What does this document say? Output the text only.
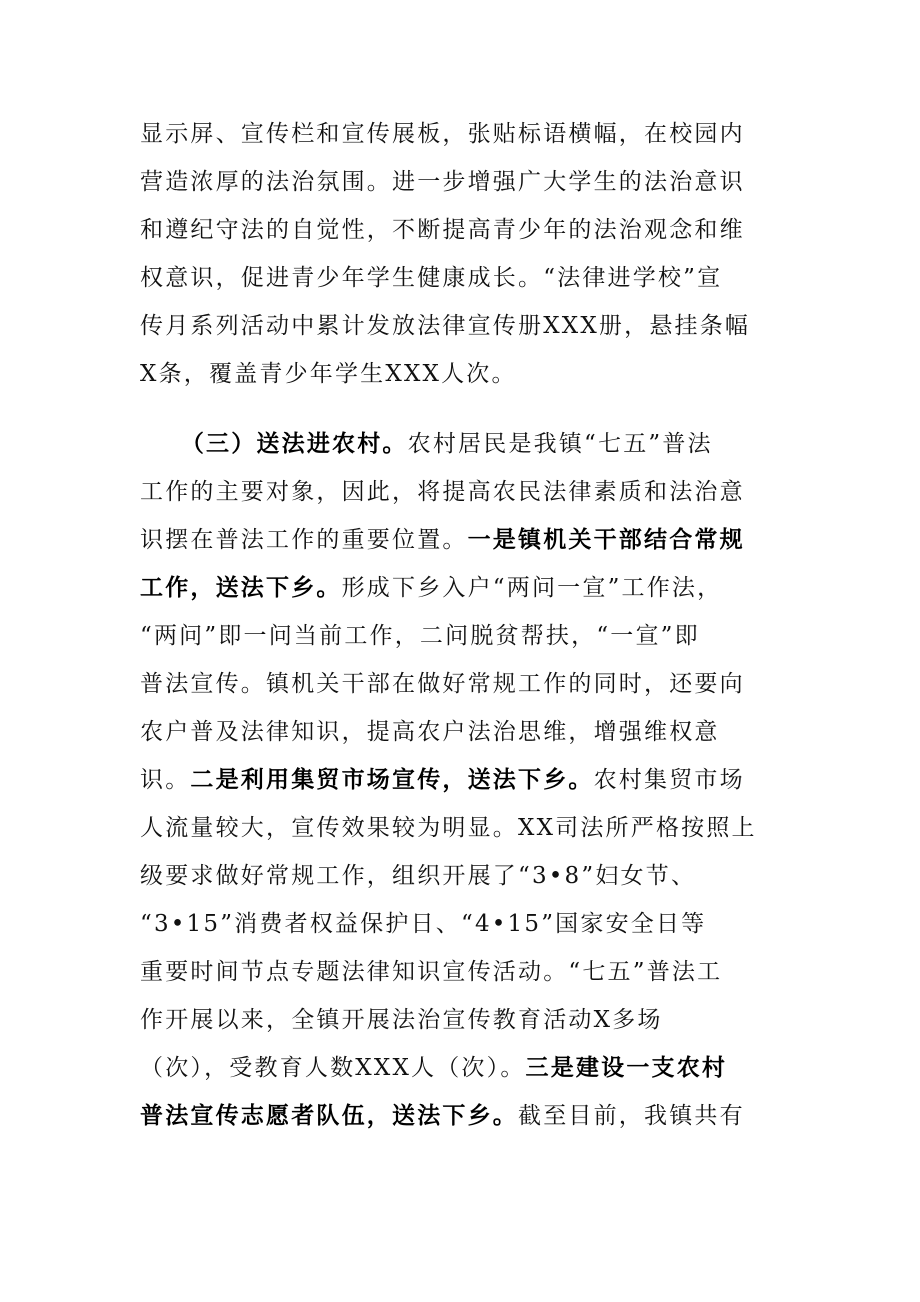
显示屏、宣传栏和宣传展板，张贴标语横幅，在校园内
营造浓厚的法治氛围。进一步增强广大学生的法治意识
和遵纪守法的自觉性，不断提高青少年的法治观念和维
权意识，促进青少年学生健康成长。“法律进学校”宣
传月系列活动中累计发放法律宣传册XXX册，悬挂条幅
X条，覆盖青少年学生XXX人次。
（三）送法进农村。农村居民是我镇“七五”普法
工作的主要对象，因此，将提高农民法律素质和法治意
识摆在普法工作的重要位置。一是镇机关干部结合常规
工作，送法下乡。形成下乡入户“两问一宣”工作法，
“两问”即一问当前工作，二问脱贫帮扶，“一宣”即
普法宣传。镇机关干部在做好常规工作的同时，还要向
农户普及法律知识，提高农户法治思维，增强维权意
识。二是利用集贸市场宣传，送法下乡。农村集贸市场
人流量较大，宣传效果较为明显。XX司法所严格按照上
级要求做好常规工作，组织开展了“3•8”妇女节、
“3•15”消费者权益保护日、“4•15”国家安全日等
重要时间节点专题法律知识宣传活动。“七五”普法工
作开展以来，全镇开展法治宣传教育活动X多场
（次），受教育人数XXX人（次）。三是建设一支农村
普法宣传志愿者队伍，送法下乡。截至目前，我镇共有
